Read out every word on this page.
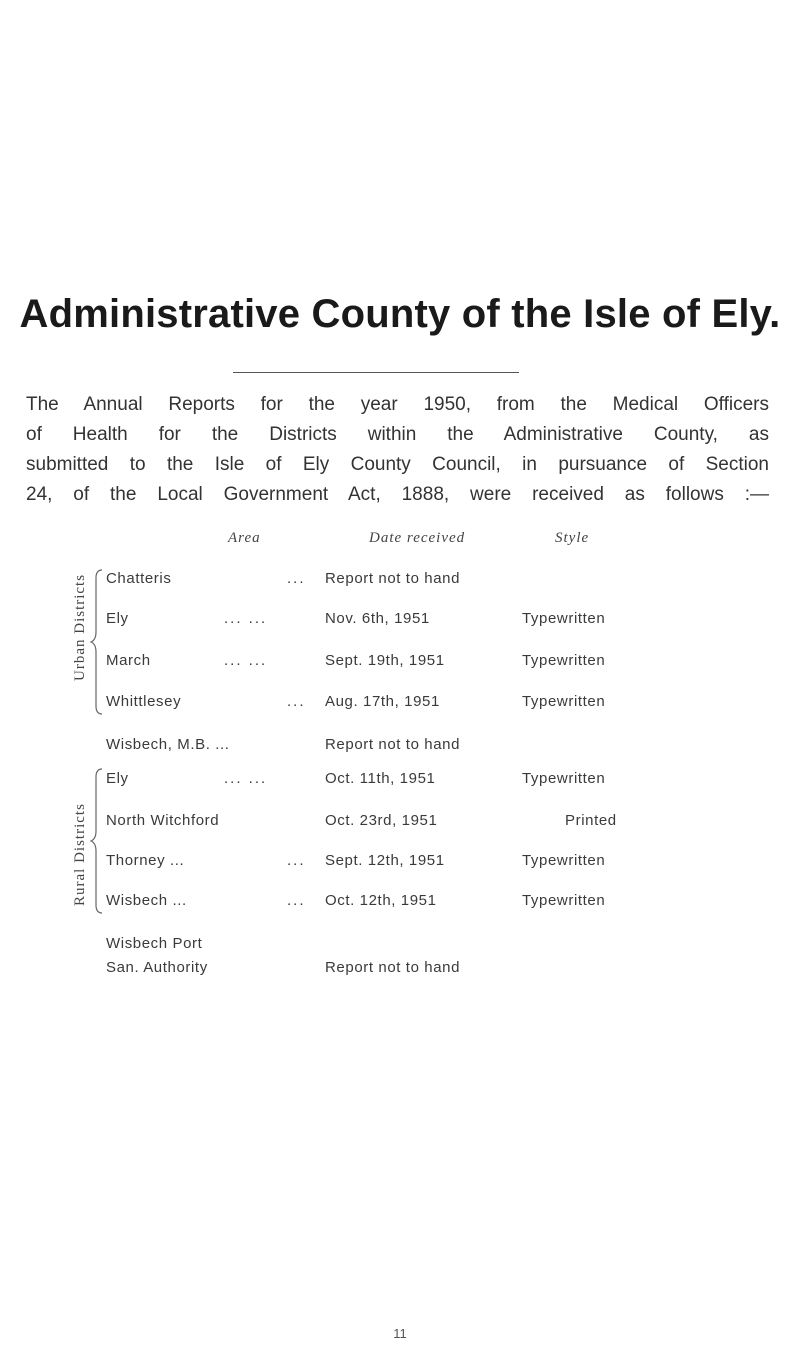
Administrative County of the Isle of Ely.
The Annual Reports for the year 1950, from the Medical Officers
of Health for the Districts within the Administrative County, as
submitted to the Isle of Ely County Council, in pursuance of Section
24, of the Local Government Act, 1888, were received as follows :—
Area	Date received	Style
Urban Districts Chatteris	... Report not to hand
Ely	... ...	Nov. 6th, 1951	Typewritten
March	... ...	Sept. 19th, 1951	Typewritten
Whittlesey	... Aug. 17th, 1951	Typewritten
Wisbech, M.B. ...	Report not to hand
Rural Districts
Ely	... ...	Oct. 11th, 1951	Typewritten
North Witchford	Oct. 23rd, 1951	Printed
Thorney ...	... Sept. 12th, 1951	Typewritten
Wisbech ...	... Oct. 12th, 1951	Typewritten
Wisbech Port
San. Authority	Report not to hand
11
